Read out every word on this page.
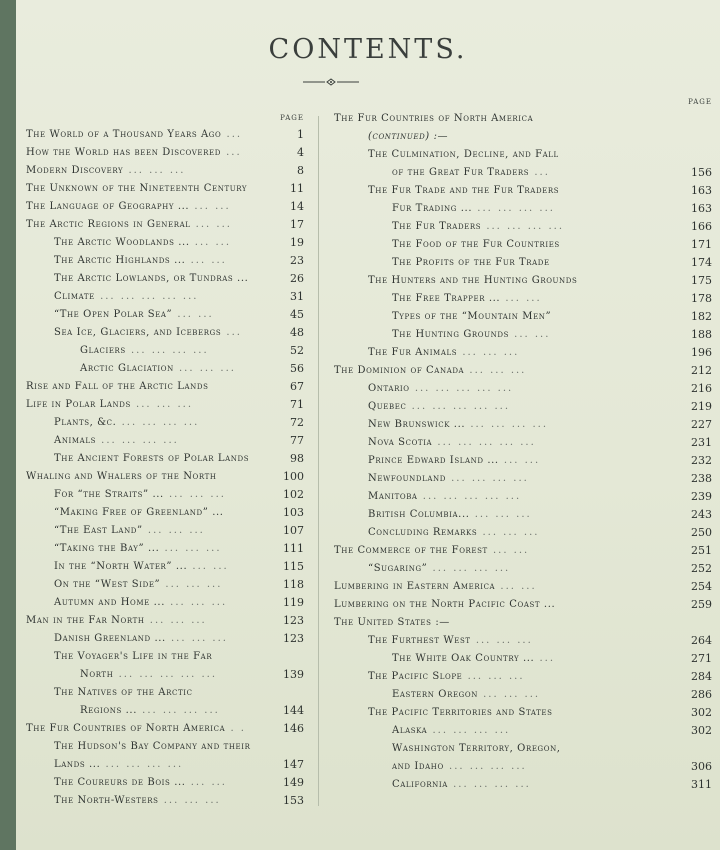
CONTENTS.
PAGE
The World of a Thousand Years Ago ...	1
How the World has been Discovered ...	4
Modern Discovery ... ... ...	8
The Unknown of the Nineteenth Century	11
The Language of Geography ... ... ...	14
The Arctic Regions in General ... ...	17
The Arctic Woodlands ... ... ...	19
The Arctic Highlands ... ... ...	23
The Arctic Lowlands, or Tundras ...	26
Climate ... ... ... ... ...	31
“The Open Polar Sea” ... ...	45
Sea Ice, Glaciers, and Icebergs ...	48
Glaciers ... ... ... ...	52
Arctic Glaciation ... ... ...	56
Rise and Fall of the Arctic Lands	67
Life in Polar Lands ... ... ...	71
Plants, &c. ... ... ... ...	72
Animals ... ... ... ...	77
The Ancient Forests of Polar Lands	98
Whaling and Whalers of the North	100
For “the Straits” ... ... ... ...	102
“Making Free of Greenland” ...	103
“The East Land” ... ... ...	107
“Taking the Bay” ... ... ... ...	111
In the “North Water” ... ... ...	115
On the “West Side” ... ... ...	118
Autumn and Home ... ... ... ...	119
Man in the Far North ... ... ...	123
Danish Greenland ... ... ... ...	123
The Voyager's Life in the Far
North ... ... ... ... ...	139
The Natives of the Arctic
Regions ... ... ... ... ...	144
The Fur Countries of North America . .	146
The Hudson's Bay Company and their
Lands ... ... ... ... ...	147
The Coureurs de Bois ... ... ...	149
The North-Westers ... ... ...	153
PAGE
The Fur Countries of North America
(continued) :—
The Culmination, Decline, and Fall
of the Great Fur Traders ...	156
The Fur Trade and the Fur Traders	163
Fur Trading ... ... ... ... ...	163
The Fur Traders ... ... ... ...	166
The Food of the Fur Countries	171
The Profits of the Fur Trade	174
The Hunters and the Hunting Grounds	175
The Free Trapper ... ... ...	178
Types of the “Mountain Men”	182
The Hunting Grounds ... ...	188
The Fur Animals ... ... ...	196
The Dominion of Canada ... ... ...	212
Ontario ... ... ... ... ...	216
Quebec ... ... ... ... ...	219
New Brunswick ... ... ... ... ...	227
Nova Scotia ... ... ... ... ...	231
Prince Edward Island ... ... ...	232
Newfoundland ... ... ... ...	238
Manitoba ... ... ... ... ...	239
British Columbia... ... ... ...	243
Concluding Remarks ... ... ...	250
The Commerce of the Forest ... ...	251
“Sugaring” ... ... ... ...	252
Lumbering in Eastern America ... ...	254
Lumbering on the North Pacific Coast ...	259
The United States :—
The Furthest West ... ... ...	264
The White Oak Country ... ...	271
The Pacific Slope ... ... ...	284
Eastern Oregon ... ... ...	286
The Pacific Territories and States	302
Alaska ... ... ... ...	302
Washington Territory, Oregon,
and Idaho ... ... ... ...	306
California ... ... ... ...	311
